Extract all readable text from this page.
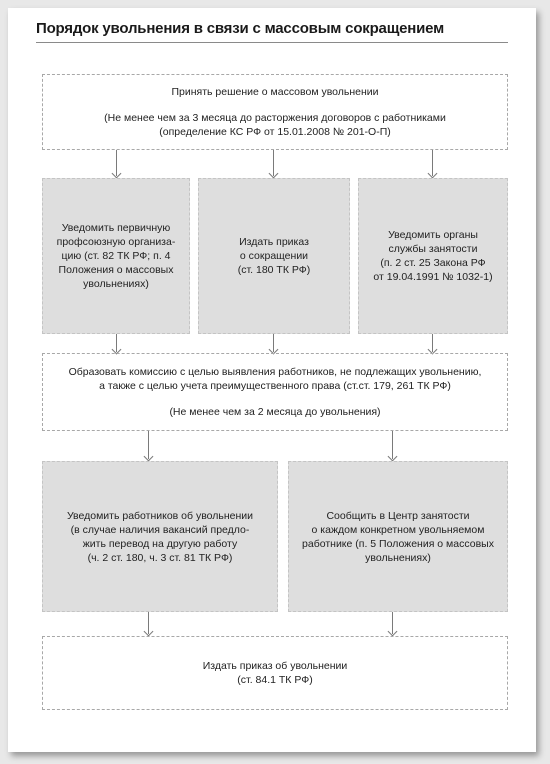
Порядок увольнения в связи с массовым сокращением

Принять решение о массовом увольнении

(Не менее чем за 3 месяца до расторжения договоров с работниками

(определение КС РФ от 15.01.2008 № 201-О-П)

Уведомить первичную

профсоюзную организа-

цию (ст. 82 ТК РФ; п. 4

Положения о массовых

увольнениях)

Издать приказ

о сокращении

(ст. 180 ТК РФ)

Уведомить органы

службы занятости

(п. 2 ст. 25 Закона РФ

от 19.04.1991 № 1032-1)

Образовать комиссию с целью выявления работников, не подлежащих увольнению,

а также с целью учета преимущественного права (ст.ст. 179, 261 ТК РФ)

(Не менее чем за 2 месяца до увольнения)

Уведомить работников об увольнении

(в случае наличия вакансий предло-

жить перевод на другую работу

(ч. 2 ст. 180, ч. 3 ст. 81 ТК РФ)

Сообщить в Центр занятости

о каждом конкретном увольняемом

работнике (п. 5 Положения о массовых

увольнениях)

Издать приказ об увольнении

(ст. 84.1 ТК РФ)
